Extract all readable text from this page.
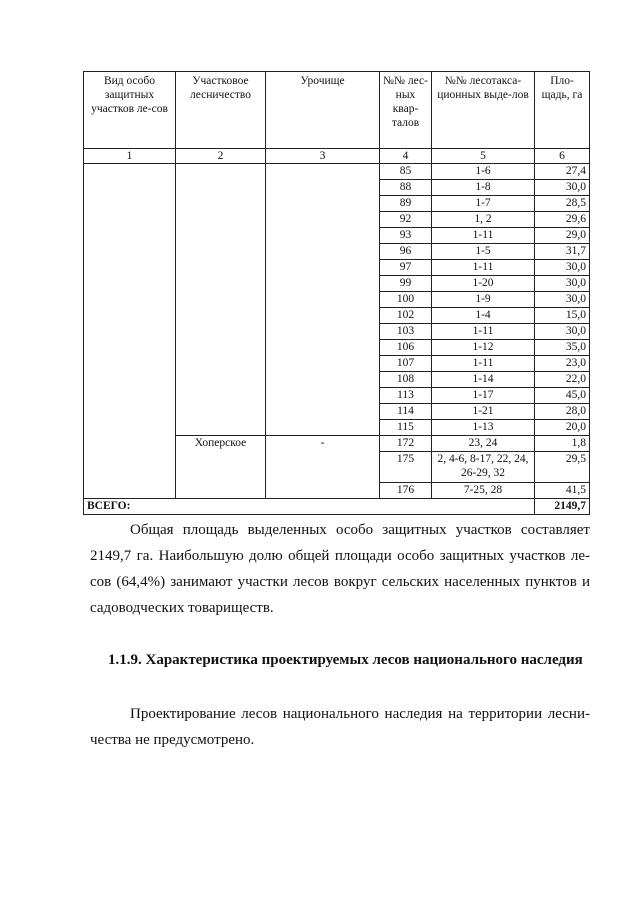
Вид особо защитных участков ле-сов	Участковое лесничество	Урочище	№№ лес-ных квар-талов	№№ лесотакса-ционных выде-лов	Пло-щадь, га
1	2	3	4	5	6
			85	1-6	27,4
			88	1-8	30,0
			89	1-7	28,5
			92	1, 2	29,6
			93	1-11	29,0
			96	1-5	31,7
			97	1-11	30,0
			99	1-20	30,0
			100	1-9	30,0
			102	1-4	15,0
			103	1-11	30,0
			106	1-12	35,0
			107	1-11	23,0
			108	1-14	22,0
			113	1-17	45,0
			114	1-21	28,0
			115	1-13	20,0
	Хоперское	-	172	23, 24	1,8
			175	2, 4-6, 8-17, 22, 24, 26-29, 32	29,5
			176	7-25, 28	41,5
ВСЕГО:					2149,7
Общая площадь выделенных особо защитных участков составляет 2149,7 га. Наибольшую долю общей площади особо защитных участков ле-сов (64,4%) занимают участки лесов вокруг сельских населенных пунктов и садоводческих товариществ.
1.1.9. Характеристика проектируемых лесов национального наследия
Проектирование лесов национального наследия на территории лесни-чества не предусмотрено.
